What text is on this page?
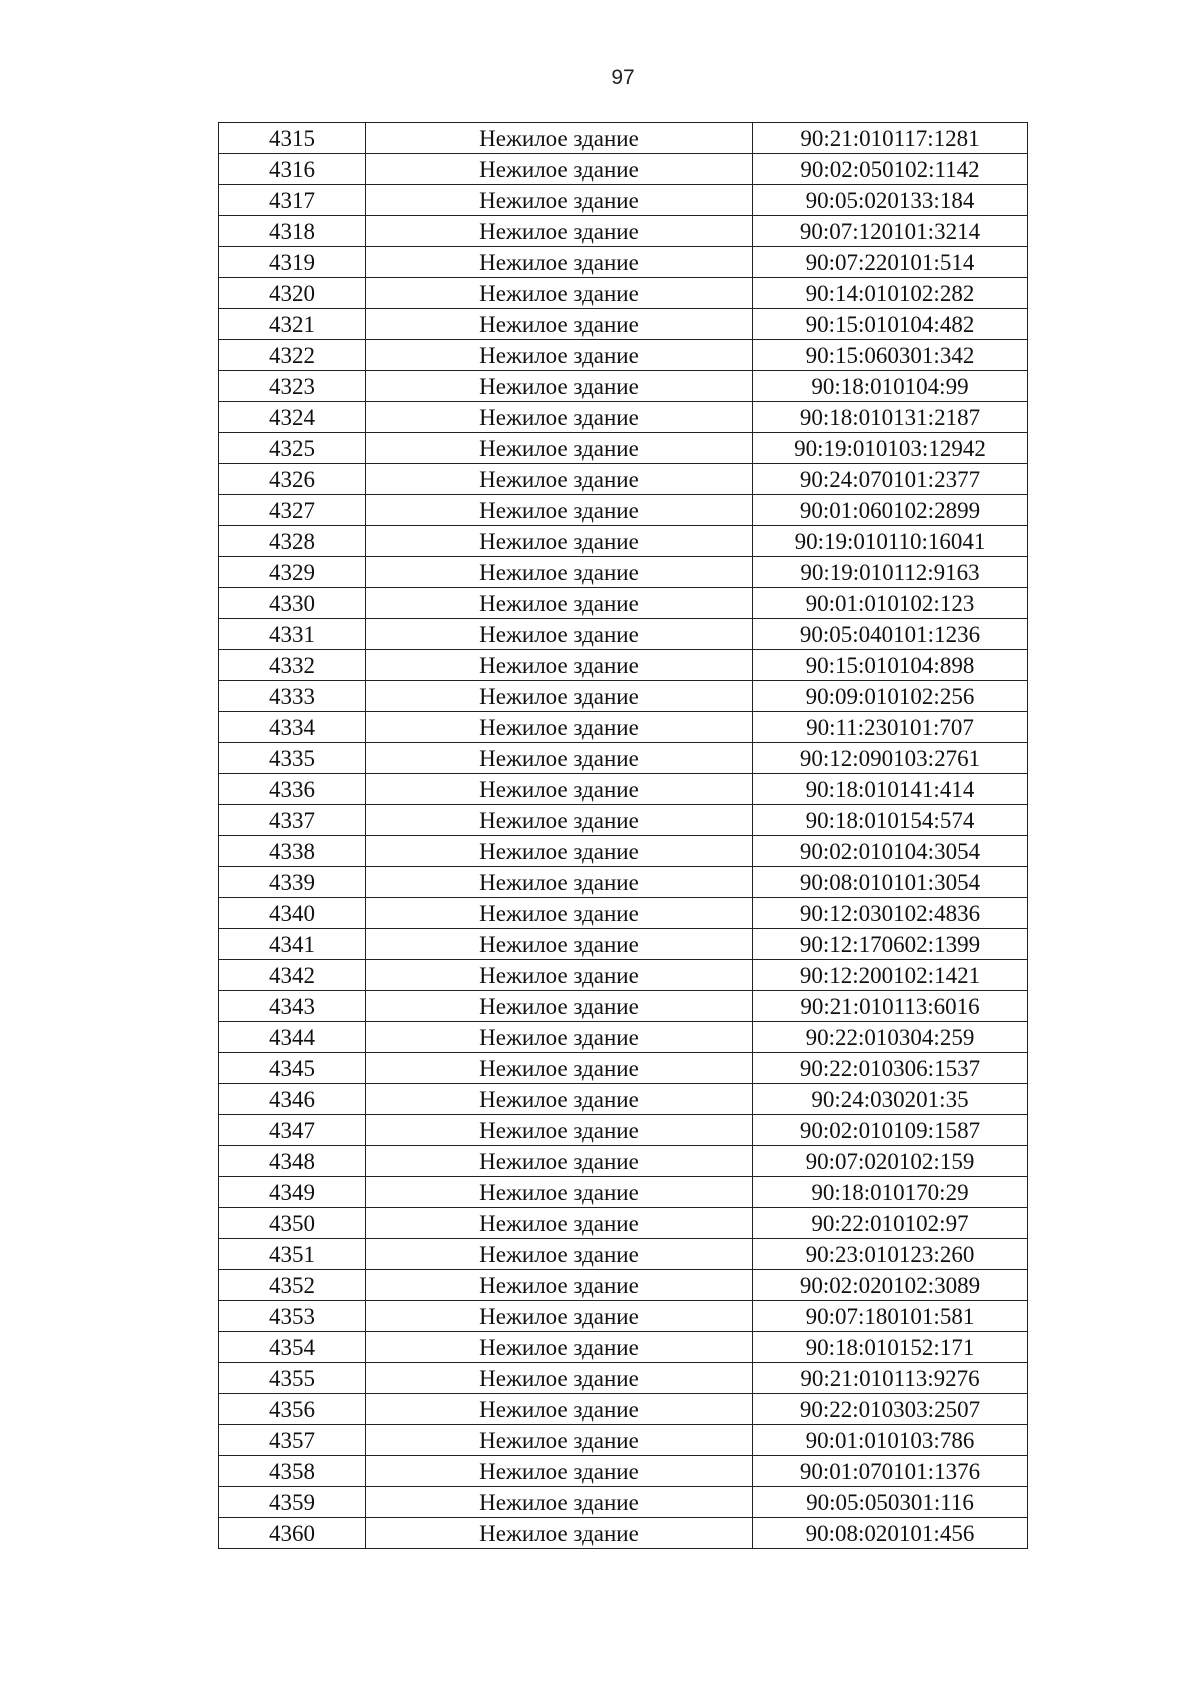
97
4315	Нежилое здание	90:21:010117:1281
4316	Нежилое здание	90:02:050102:1142
4317	Нежилое здание	90:05:020133:184
4318	Нежилое здание	90:07:120101:3214
4319	Нежилое здание	90:07:220101:514
4320	Нежилое здание	90:14:010102:282
4321	Нежилое здание	90:15:010104:482
4322	Нежилое здание	90:15:060301:342
4323	Нежилое здание	90:18:010104:99
4324	Нежилое здание	90:18:010131:2187
4325	Нежилое здание	90:19:010103:12942
4326	Нежилое здание	90:24:070101:2377
4327	Нежилое здание	90:01:060102:2899
4328	Нежилое здание	90:19:010110:16041
4329	Нежилое здание	90:19:010112:9163
4330	Нежилое здание	90:01:010102:123
4331	Нежилое здание	90:05:040101:1236
4332	Нежилое здание	90:15:010104:898
4333	Нежилое здание	90:09:010102:256
4334	Нежилое здание	90:11:230101:707
4335	Нежилое здание	90:12:090103:2761
4336	Нежилое здание	90:18:010141:414
4337	Нежилое здание	90:18:010154:574
4338	Нежилое здание	90:02:010104:3054
4339	Нежилое здание	90:08:010101:3054
4340	Нежилое здание	90:12:030102:4836
4341	Нежилое здание	90:12:170602:1399
4342	Нежилое здание	90:12:200102:1421
4343	Нежилое здание	90:21:010113:6016
4344	Нежилое здание	90:22:010304:259
4345	Нежилое здание	90:22:010306:1537
4346	Нежилое здание	90:24:030201:35
4347	Нежилое здание	90:02:010109:1587
4348	Нежилое здание	90:07:020102:159
4349	Нежилое здание	90:18:010170:29
4350	Нежилое здание	90:22:010102:97
4351	Нежилое здание	90:23:010123:260
4352	Нежилое здание	90:02:020102:3089
4353	Нежилое здание	90:07:180101:581
4354	Нежилое здание	90:18:010152:171
4355	Нежилое здание	90:21:010113:9276
4356	Нежилое здание	90:22:010303:2507
4357	Нежилое здание	90:01:010103:786
4358	Нежилое здание	90:01:070101:1376
4359	Нежилое здание	90:05:050301:116
4360	Нежилое здание	90:08:020101:456
